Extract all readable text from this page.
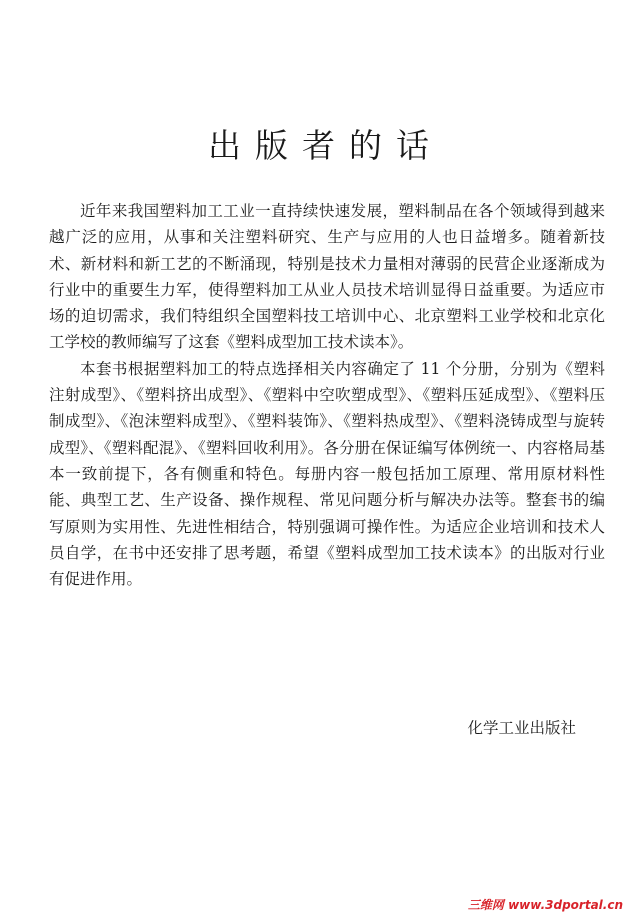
出版者的话

近年来我国塑料加工工业一直持续快速发展，塑料制品在各个领域得到越来越广泛的应用，从事和关注塑料研究、生产与应用的人也日益增多。随着新技术、新材料和新工艺的不断涌现，特别是技术力量相对薄弱的民营企业逐渐成为行业中的重要生力军，使得塑料加工从业人员技术培训显得日益重要。为适应市场的迫切需求，我们特组织全国塑料技工培训中心、北京塑料工业学校和北京化工学校的教师编写了这套《塑料成型加工技术读本》。

本套书根据塑料加工的特点选择相关内容确定了 11 个分册，分别为《塑料注射成型》、《塑料挤出成型》、《塑料中空吹塑成型》、《塑料压延成型》、《塑料压制成型》、《泡沫塑料成型》、《塑料装饰》、《塑料热成型》、《塑料浇铸成型与旋转成型》、《塑料配混》、《塑料回收利用》。各分册在保证编写体例统一、内容格局基本一致前提下，各有侧重和特色。每册内容一般包括加工原理、常用原材料性能、典型工艺、生产设备、操作规程、常见问题分析与解决办法等。整套书的编写原则为实用性、先进性相结合，特别强调可操作性。为适应企业培训和技术人员自学，在书中还安排了思考题，希望《塑料成型加工技术读本》的出版对行业有促进作用。

化学工业出版社
三维网 www.3dportal.cn
